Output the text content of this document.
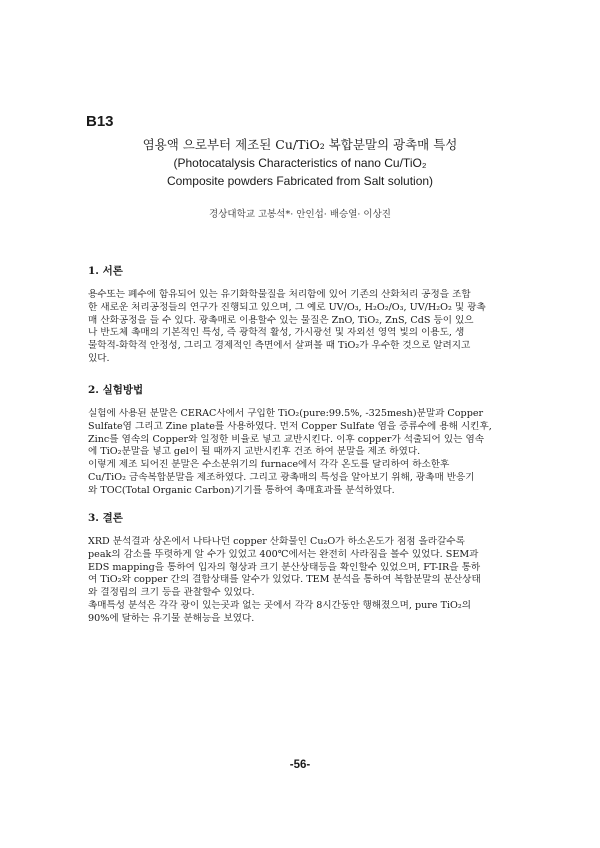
B13
염용액 으로부터 제조된 Cu/TiO₂ 복합분말의 광촉매 특성
(Photocatalysis Characteristics of nano Cu/TiO₂
Composite powders Fabricated from Salt solution)
경상대학교 고봉석*· 안인섭· 배승열· 이상진
1. 서론
용수또는 폐수에 함유되어 있는 유기화학물질을 처리함에 있어 기존의 산화처리 공정을 조합
한 새로운 처리공정들의 연구가 진행되고 있으며, 그 예로 UV/O₃, H₂O₂/O₃, UV/H₂O₂ 및 광촉
매 산화공정을 들 수 있다. 광촉매로 이용할수 있는 물질은 ZnO, TiO₂, ZnS, CdS 등이 있으
나 반도체 촉매의 기본적인 특성, 즉 광학적 활성, 가시광선 및 자외선 영역 빛의 이용도, 생
물학적-화학적 안정성, 그리고 경제적인 측면에서 살펴볼 때 TiO₂가 우수한 것으로 알려지고
있다.
2. 실험방법
실험에 사용된 분말은 CERAC사에서 구입한 TiO₂(pure:99.5%, -325mesh)분말과 Copper
Sulfate염 그리고 Zine plate를 사용하였다. 먼저 Copper Sulfate 염을 증류수에 용해 시킨후,
Zinc를 염속의 Copper와 일정한 비율로 넣고 교반시킨다. 이후 copper가 석출되어 있는 염속
에 TiO₂분말을 넣고 gel이 될 때까지 교반시킨후 건조 하여 분말을 제조 하였다.
이렇게 제조 되어진 분말은 수소분위기의 furnace에서 각각 온도를 달리하여 하소한후
Cu/TiO₂ 금속복합분말을 제조하였다. 그리고 광촉매의 특성을 알아보기 위해, 광촉매 반응기
와 TOC(Total Organic Carbon)기기를 통하여 촉매효과를 분석하였다.
3. 결론
XRD 분석결과 상온에서 나타나던 copper 산화물인 Cu₂O가 하소온도가 점점 올라갈수록
peak의 감소를 뚜렷하게 알 수가 있었고 400℃에서는 완전히 사라짐을 볼수 있었다. SEM과
EDS mapping을 통하여 입자의 형상과 크기 분산상태등을 확인할수 있었으며, FT-IR을 통하
여 TiO₂와 copper 간의 결합상태를 알수가 있었다. TEM 분석을 통하여 복합분말의 분산상태
와 결정립의 크기 등을 관찰할수 있었다.
촉매특성 분석은 각각 광이 있는곳과 없는 곳에서 각각 8시간동안 행해졌으며, pure TiO₂의
90%에 달하는 유기물 분해능을 보였다.
-56-
